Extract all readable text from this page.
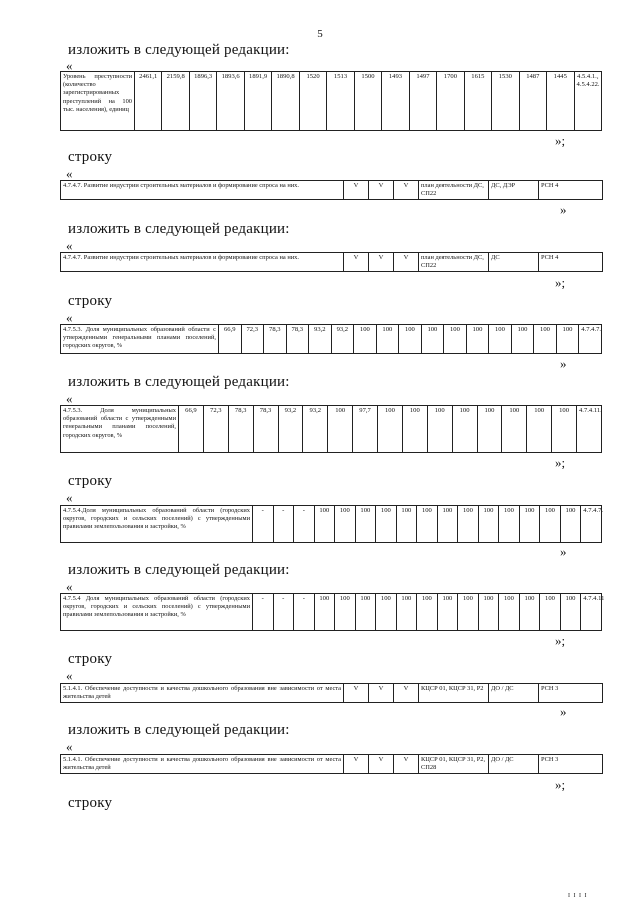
5
изложить в следующей редакции:
«
Уровень преступности (количество зарегистрированных преступлений на 100 тыс. населения), единиц	2461,1	2159,8	1896,3	1893,6	1891,9	1890,8	1520	1513	1500	1493	1497	1700	1615	1530	1487	1445	4.5.4.1., 4.5.4.22.
»;
строку
«
4.7.4.7. Развитие индустрии строительных материалов и формирование спроса на них.	V	V	V	план деятельности ДС, СП22	ДС, ДЭР	РСН 4
»
изложить в следующей редакции:
«
4.7.4.7. Развитие индустрии строительных материалов и формирование спроса на них.	V	V	V	план деятельности ДС, СП22	ДС	РСН 4
»;
строку
«
4.7.5.3. Доля муниципальных образований области с утвержденными генеральными планами поселений, городских округов, %	66,9	72,3	78,3	78,3	93,2	93,2	100	100	100	100	100	100	100	100	100	100	4.7.4.7.
»
изложить в следующей редакции:
«
4.7.5.3. Доля муниципальных образований области с утвержденными генеральными планами поселений, городских округов, %	66,9	72,3	78,3	78,3	93,2	93,2	100	97,7	100	100	100	100	100	100	100	100	4.7.4.11.
»;
строку
«
4.7.5.4.Доля муниципальных образований области (городских округов, городских и сельских поселений) с утвержденными правилами землепользования и застройки, %	-	-	-	100	100	100	100	100	100	100	100	100	100	100	100	100	4.7.4.7.
»
изложить в следующей редакции:
«
4.7.5.4 Доля муниципальных образований области (городских округов, городских и сельских поселений) с утвержденными правилами землепользования и застройки, %	-	-	-	100	100	100	100	100	100	100	100	100	100	100	100	100	4.7.4.11
»;
строку
«
5.1.4.1. Обеспечение доступности и качества дошкольного образования вне зависимости от места жительства детей	V	V	V	КЦСР 01, КЦСР 31, Р2	ДО / ДС	РСН 3
»
изложить в следующей редакции:
«
5.1.4.1. Обеспечение доступности и качества дошкольного образования вне зависимости от места жительства детей	V	V	V	КЦСР 01, КЦСР 31, Р2, СП28	ДО / ДС	РСН 3
»;
строку
I I I I
